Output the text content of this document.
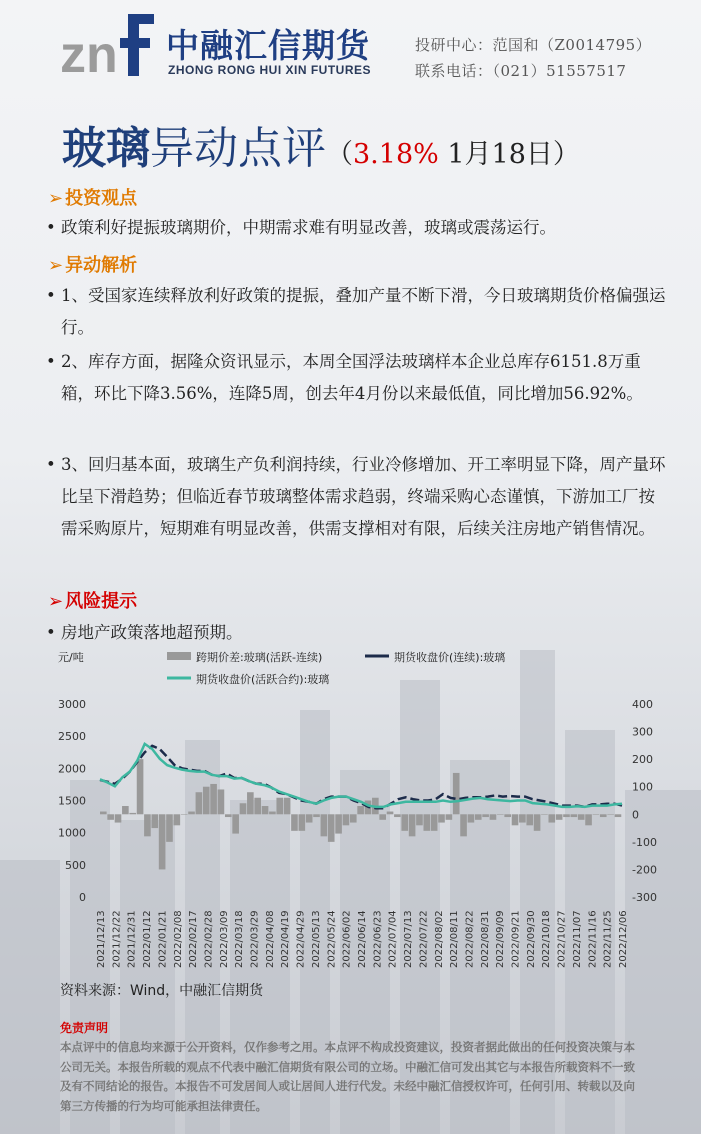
zn 中融汇信期货
ZHONG RONG HUI XIN FUTURES
投研中心：范国和（Z0014795）
联系电话：（021）51557517
玻璃异动点评（3.18% 1月18日）
➢ 投资观点
• 政策利好提振玻璃期价，中期需求难有明显改善，玻璃或震荡运行。
➢ 异动解析
• 1、受国家连续释放利好政策的提振，叠加产量不断下滑，今日玻璃期货价格偏强运行。
• 2、库存方面，据隆众资讯显示，本周全国浮法玻璃样本企业总库存6151.8万重箱，环比下降3.56%，连降5周，创去年4月份以来最低值，同比增加56.92%。
• 3、回归基本面，玻璃生产负利润持续，行业冷修增加、开工率明显下降，周产量环比呈下滑趋势；但临近春节玻璃整体需求趋弱，终端采购心态谨慎，下游加工厂按需采购原片，短期难有明显改善，供需支撑相对有限，后续关注房地产销售情况。
➢ 风险提示
• 房地产政策落地超预期。
元/吨	跨期价差:玻璃(活跃-连续)	期货收盘价(连续):玻璃
期货收盘价(活跃合约):玻璃
3000
2500
2000
1500
1000
500
0
400
300
200
100
0
-100
-200
-300
2021/12/13 2021/12/22 2021/12/31 2022/01/12 2022/01/21 2022/02/08 2022/02/17 2022/02/28 2022/03/09 2022/03/18 2022/03/29 2022/04/08 2022/04/19 2022/04/29 2022/05/13 2022/05/24 2022/06/02 2022/06/14 2022/06/23 2022/07/04 2022/07/13 2022/07/22 2022/08/02 2022/08/11 2022/08/22 2022/08/31 2022/09/09 2022/09/21 2022/09/30 2022/10/18 2022/10/27 2022/11/07 2022/11/16 2022/11/25 2022/12/06
资料来源：Wind，中融汇信期货
免责声明
本点评中的信息均来源于公开资料，仅作参考之用。本点评不构成投资建议，投资者据此做出的任何投资决策与本公司无关。本报告所载的观点不代表中融汇信期货有限公司的立场。中融汇信可发出其它与本报告所载资料不一致及有不同结论的报告。本报告不可发居间人或让居间人进行代发。未经中融汇信授权许可，任何引用、转载以及向第三方传播的行为均可能承担法律责任。
